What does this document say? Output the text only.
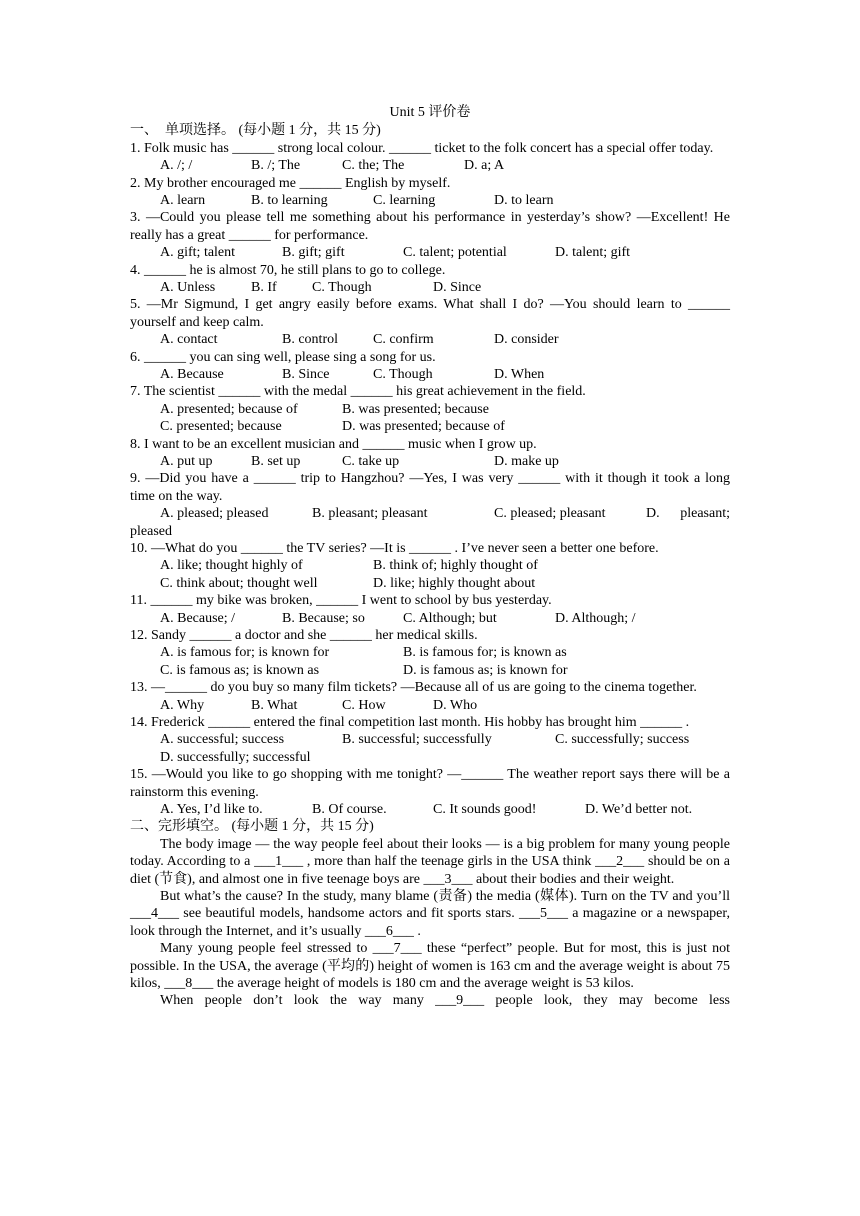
Unit 5 评价卷

一、　单项选择。 (每小题 1 分，共 15 分)

1. Folk music has ______ strong local colour. ______ ticket to the folk concert has a special offer today.

A. /; /	B. /; The	C. the; The	D. a; A

2. My brother encouraged me ______ English by myself.

A. learn	B. to learning	C. learning	D. to learn

3. —Could you please tell me something about his performance in yesterday’s show? —Excellent! He really has a great ______ for performance.

A. gift; talent	B. gift; gift	C. talent; potential	D. talent; gift

4. ______ he is almost 70, he still plans to go to college.

A. Unless	B. If	C. Though	D. Since

5. —Mr Sigmund, I get angry easily before exams. What shall I do? —You should learn to ______ yourself and keep calm.

A. contact	B. control	C. confirm	D. consider

6. ______ you can sing well, please sing a song for us.

A. Because	B. Since	C. Though	D. When

7. The scientist ______ with the medal ______ his great achievement in the field.

A. presented; because of	B. was presented; because
C. presented; because	D. was presented; because of

8. I want to be an excellent musician and ______ music when I grow up.

A. put up	B. set up	C. take up	D. make up

9. —Did you have a ______ trip to Hangzhou? —Yes, I was very ______ with it though it took a long time on the way.

A. pleased; pleased	B. pleasant; pleasant	C. pleased; pleasant	D. pleasant;

pleased

10. —What do you ______ the TV series? —It is ______ . I’ve never seen a better one before.

A. like; thought highly of	B. think of; highly thought of
C. think about; thought well	D. like; highly thought about

11. ______ my bike was broken, ______ I went to school by bus yesterday.

A. Because; /	B. Because; so	C. Although; but	D. Although; /

12. Sandy ______ a doctor and she ______ her medical skills.

A. is famous for; is known for	B. is famous for; is known as
C. is famous as; is known as	D. is famous as; is known for

13. —______ do you buy so many film tickets? —Because all of us are going to the cinema together.

A. Why	B. What	C. How	D. Who

14. Frederick ______ entered the final competition last month. His hobby has brought him ______ .

A. successful; success	B. successful; successfully	C. successfully; success
D. successfully; successful

15. —Would you like to go shopping with me tonight? —______ The weather report says there will be a rainstorm this evening.

A. Yes, I’d like to.	B. Of course.	C. It sounds good!	D. We’d better not.

二、完形填空。 (每小题 1 分，共 15 分)

The body image — the way people feel about their looks — is a big problem for many young people today. According to a ___1___ , more than half the teenage girls in the USA think ___2___ should be on a diet (节食), and almost one in five teenage boys are ___3___ about their bodies and their weight.

But what’s the cause? In the study, many blame (责备) the media (媒体). Turn on the TV and you’ll ___4___ see beautiful models, handsome actors and fit sports stars. ___5___ a magazine or a newspaper, look through the Internet, and it’s usually ___6___ .

Many young people feel stressed to ___7___ these “perfect” people. But for most, this is just not possible. In the USA, the average (平均的) height of women is 163 cm and the average weight is about 75 kilos, ___8___ the average height of models is 180 cm and the average weight is 53 kilos.

When people don’t look the way many ___9___ people look, they may become less
